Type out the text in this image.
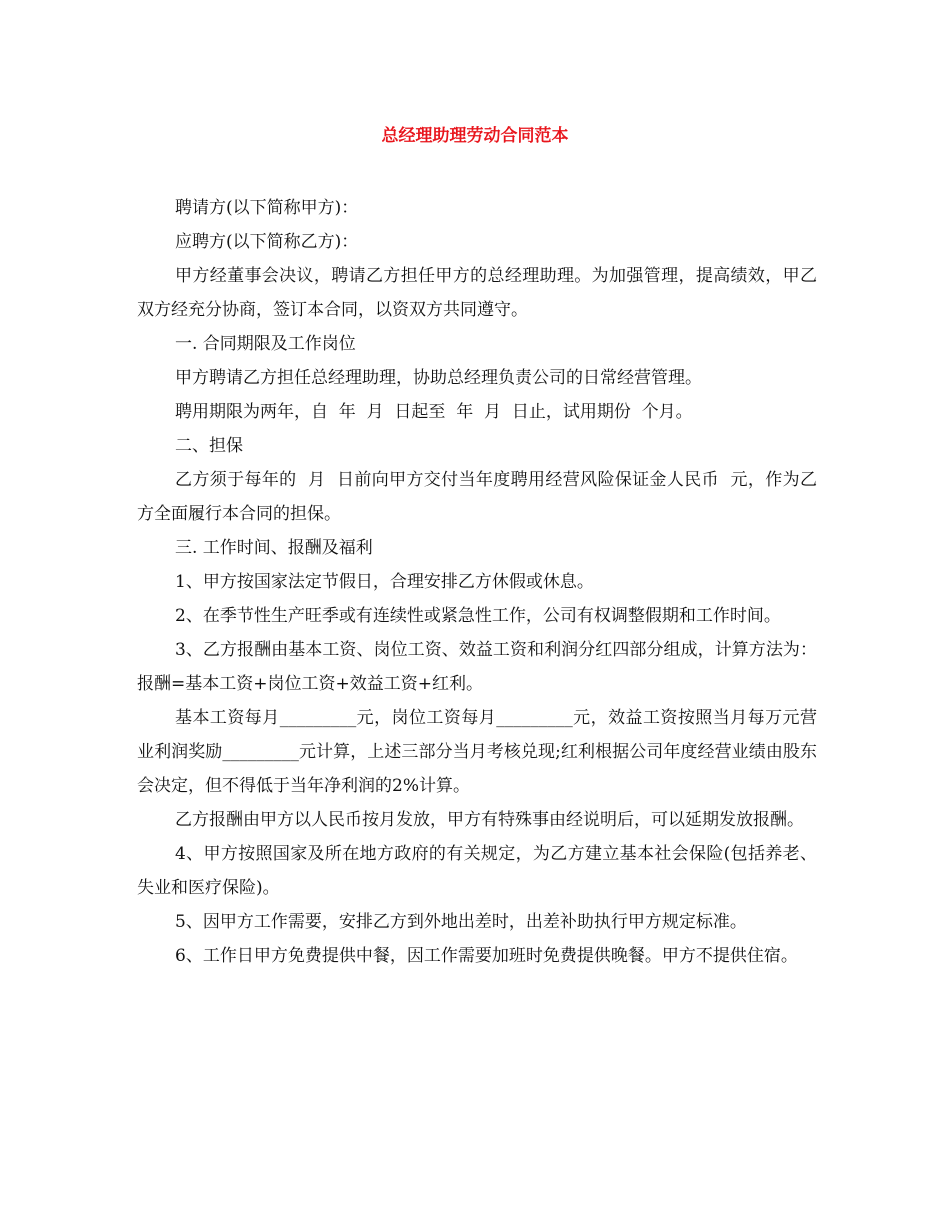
总经理助理劳动合同范本

聘请方(以下简称甲方)：

应聘方(以下简称乙方)：

甲方经董事会决议，聘请乙方担任甲方的总经理助理。为加强管理，提高绩效，甲乙双方经充分协商，签订本合同，以资双方共同遵守。

一. 合同期限及工作岗位

甲方聘请乙方担任总经理助理，协助总经理负责公司的日常经营管理。

聘用期限为两年，自  年  月  日起至  年  月  日止，试用期份  个月。

二、担保

乙方须于每年的  月  日前向甲方交付当年度聘用经营风险保证金人民币  元，作为乙方全面履行本合同的担保。

三. 工作时间、报酬及福利

1、甲方按国家法定节假日，合理安排乙方休假或休息。

2、在季节性生产旺季或有连续性或紧急性工作，公司有权调整假期和工作时间。

3、乙方报酬由基本工资、岗位工资、效益工资和利润分红四部分组成，计算方法为：报酬=基本工资+岗位工资+效益工资+红利。

基本工资每月_________元，岗位工资每月_________元，效益工资按照当月每万元营业利润奖励_________元计算，上述三部分当月考核兑现;红利根据公司年度经营业绩由股东会决定，但不得低于当年净利润的2%计算。

乙方报酬由甲方以人民币按月发放，甲方有特殊事由经说明后，可以延期发放报酬。

4、甲方按照国家及所在地方政府的有关规定，为乙方建立基本社会保险(包括养老、失业和医疗保险)。

5、因甲方工作需要，安排乙方到外地出差时，出差补助执行甲方规定标准。

6、工作日甲方免费提供中餐，因工作需要加班时免费提供晚餐。甲方不提供住宿。
